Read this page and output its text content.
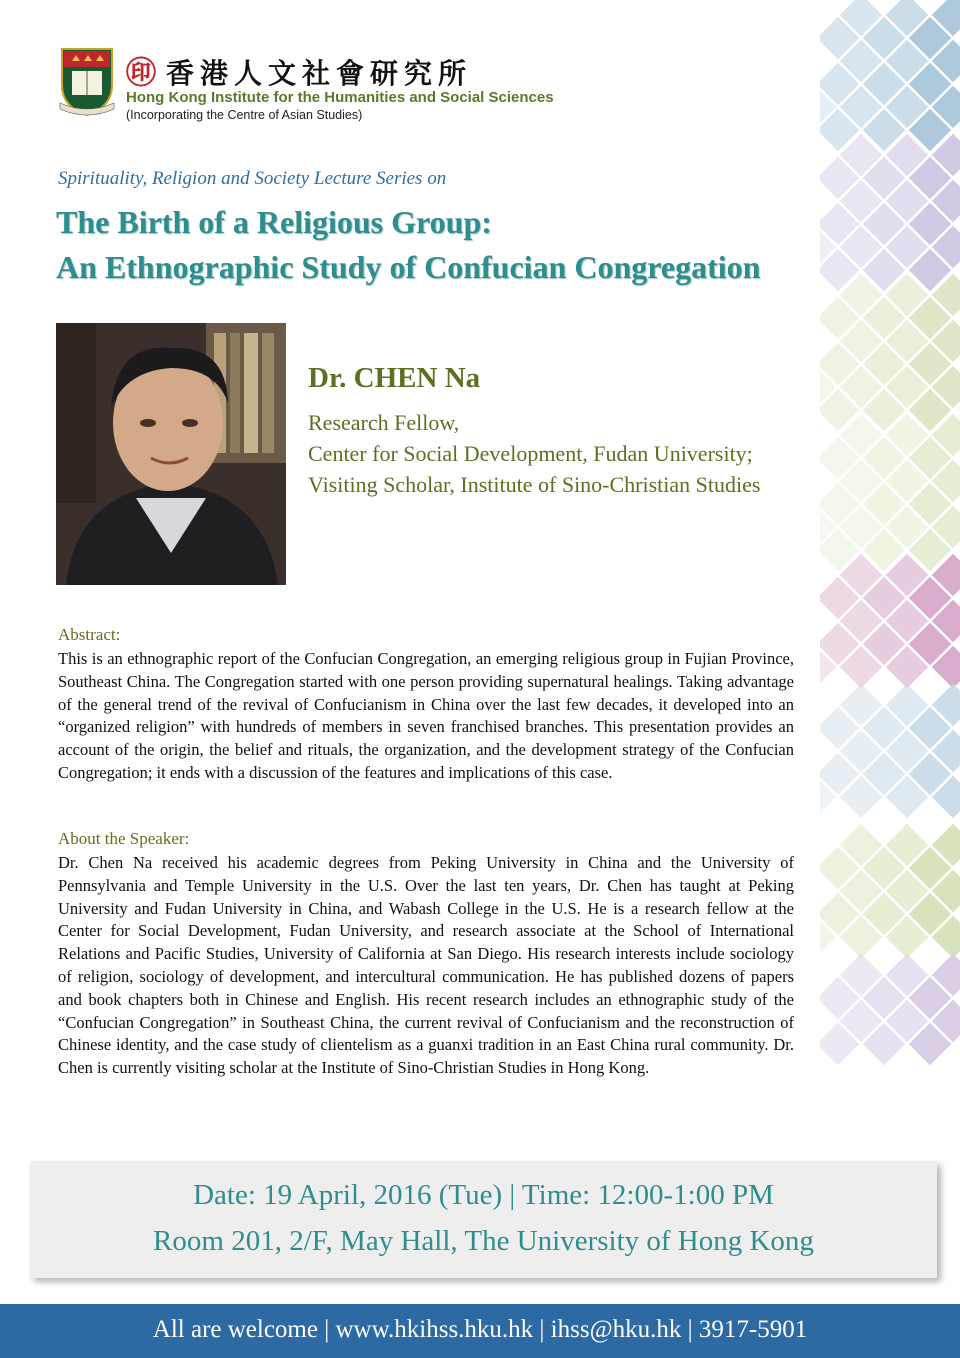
㊞ 香港人文社會研究所
Hong Kong Institute for the Humanities and Social Sciences
(Incorporating the Centre of Asian Studies)
Spirituality, Religion and Society Lecture Series on
The Birth of a Religious Group:
An Ethnographic Study of Confucian Congregation
Dr. CHEN Na
Research Fellow,
Center for Social Development, Fudan University;
Visiting Scholar, Institute of Sino-Christian Studies
Abstract:
This is an ethnographic report of the Confucian Congregation, an emerging religious group in Fujian Province, Southeast China. The Congregation started with one person providing supernatural healings. Taking advantage of the general trend of the revival of Confucianism in China over the last few decades, it developed into an “organized religion” with hundreds of members in seven franchised branches. This presentation provides an account of the origin, the belief and rituals, the organization, and the development strategy of the Confucian Congregation; it ends with a discussion of the features and implications of this case.
About the Speaker:
Dr. Chen Na received his academic degrees from Peking University in China and the University of Pennsylvania and Temple University in the U.S. Over the last ten years, Dr. Chen has taught at Peking University and Fudan University in China, and Wabash College in the U.S. He is a research fellow at the Center for Social Development, Fudan University, and research associate at the School of International Relations and Pacific Studies, University of California at San Diego. His research interests include sociology of religion, sociology of development, and intercultural communication. He has published dozens of papers and book chapters both in Chinese and English. His recent research includes an ethnographic study of the “Confucian Congregation” in Southeast China, the current revival of Confucianism and the reconstruction of Chinese identity, and the case study of clientelism as a guanxi tradition in an East China rural community. Dr. Chen is currently visiting scholar at the Institute of Sino-Christian Studies in Hong Kong.
Date: 19 April, 2016 (Tue) | Time: 12:00-1:00 PM
Room 201, 2/F, May Hall, The University of Hong Kong
All are welcome | www.hkihss.hku.hk | ihss@hku.hk | 3917-5901
